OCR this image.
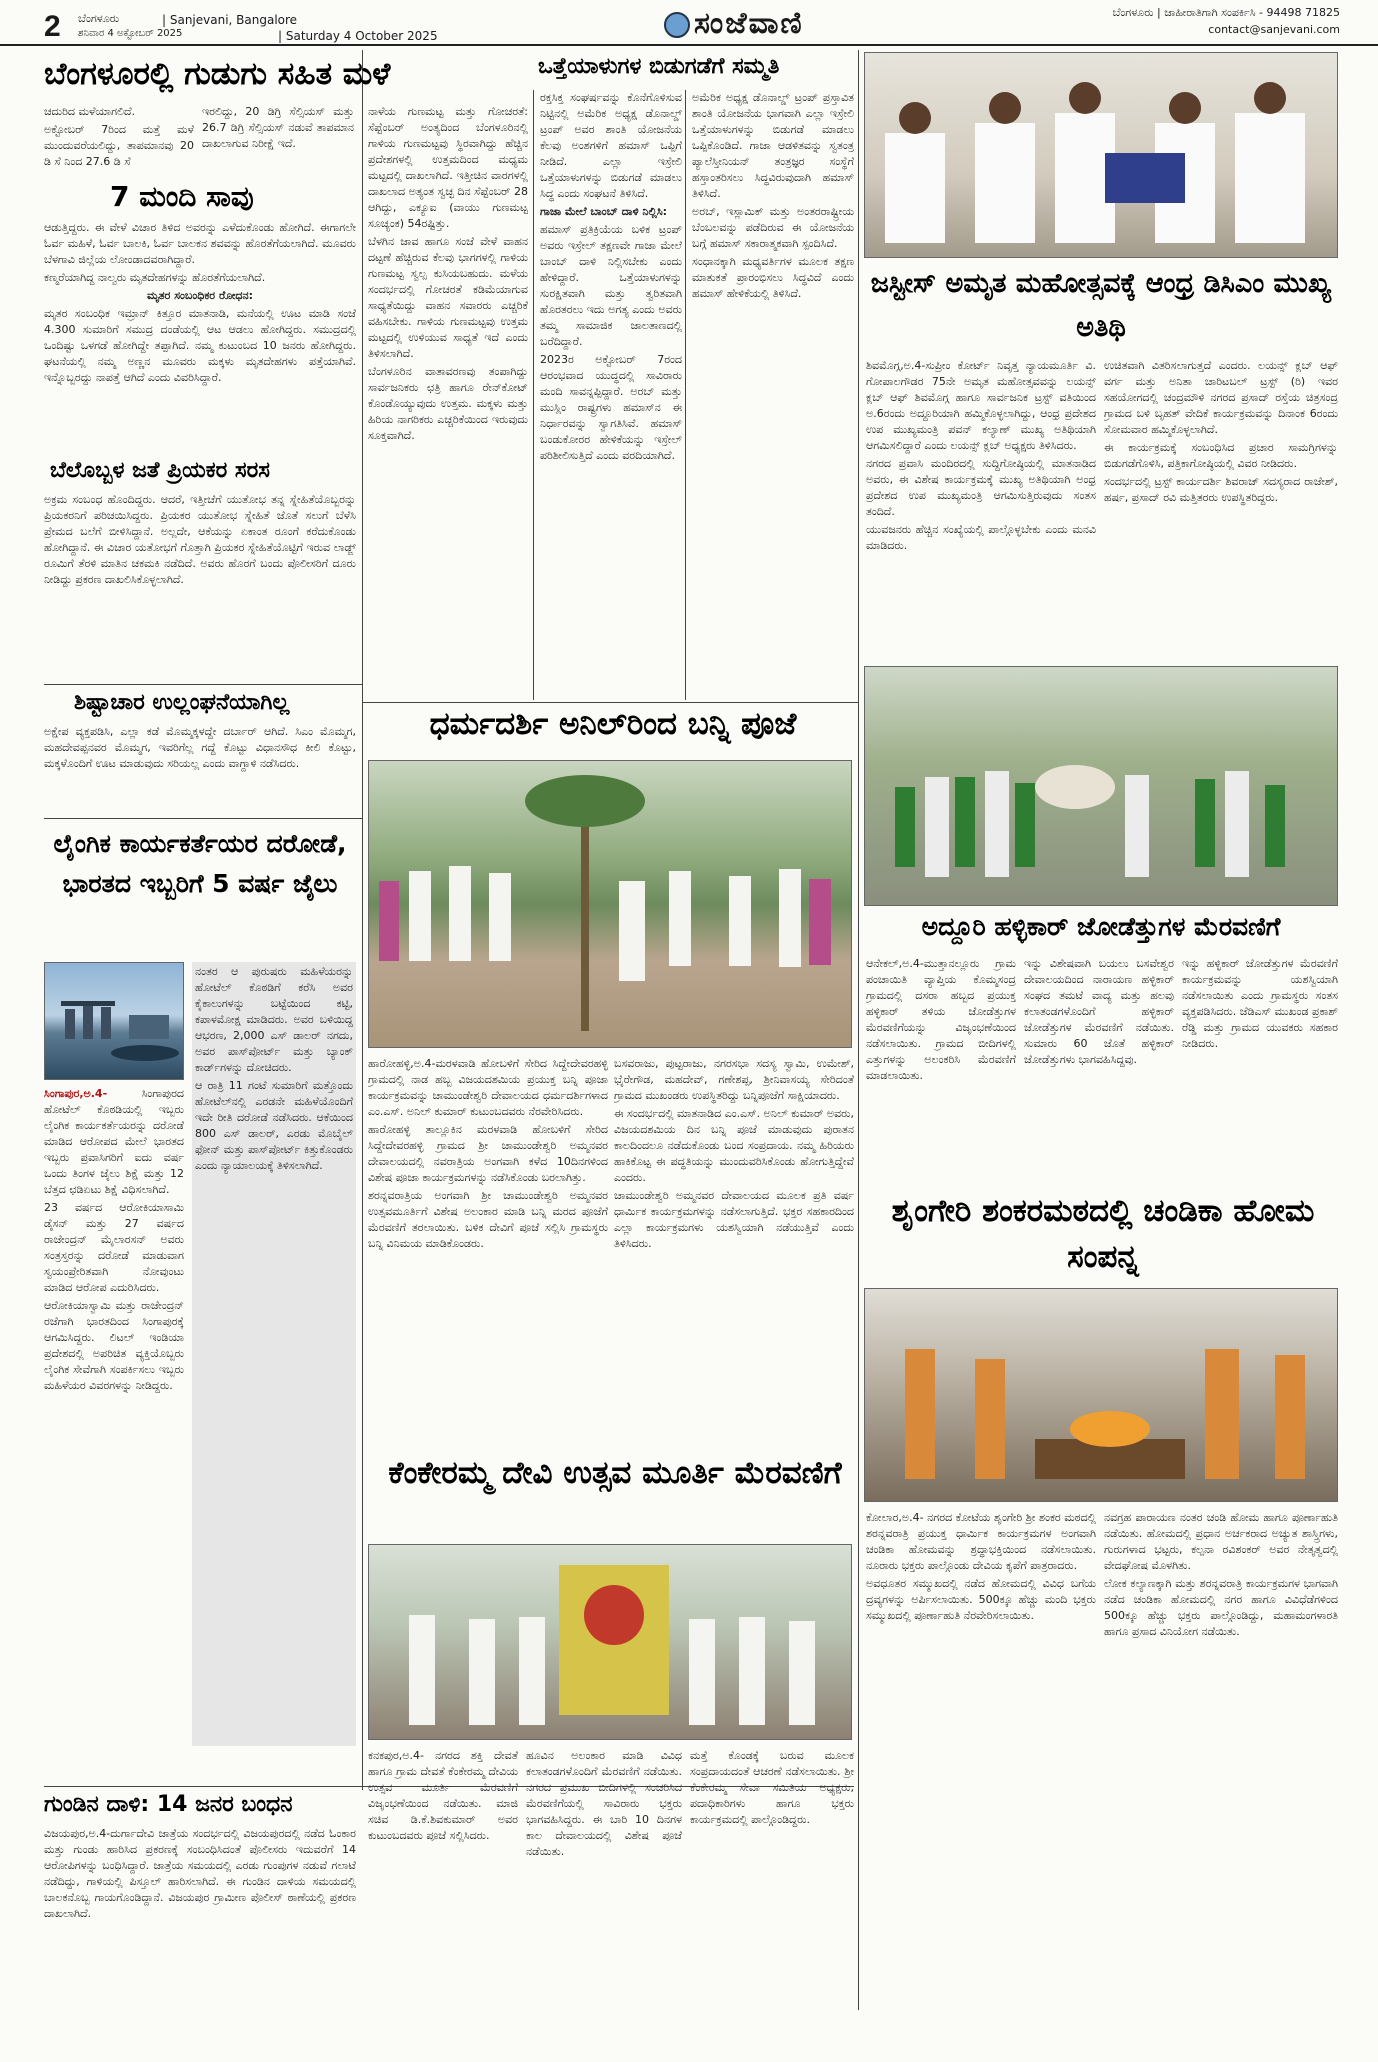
2 ಬೆಂಗಳೂರು
ಶನಿವಾರ 4 ಅಕ್ಟೋಬರ್ 2025
| Sanjevani, Bangalore
| Saturday 4 October 2025	ಸಂಜೆವಾಣಿ	ಬೆಂಗಳೂರು | ಜಾಹೀರಾತಿಗಾಗಿ ಸಂಪರ್ಕಿಸಿ - 94498 71825
contact@sanjevani.com
ಬೆಂಗಳೂರಲ್ಲಿ ಗುಡುಗು ಸಹಿತ ಮಳೆ

ಚದುರಿದ ಮಳೆಯಾಗಲಿದೆ.

ಅಕ್ಟೋಬರ್ 7ರಿಂದ ಮತ್ತೆ ಮಳೆ ಮುಂದುವರೆಯಲಿದ್ದು, ತಾಪಮಾನವು 20 ಡಿ ಸೆ ನಿಂದ 27.6 ಡಿ ಸೆ

ಇರಲಿದ್ದು, 20 ಡಿಗ್ರಿ ಸೆಲ್ಸಿಯಸ್ ಮತ್ತು 26.7 ಡಿಗ್ರಿ ಸೆಲ್ಸಿಯಸ್ ನಡುವೆ ತಾಪಮಾನ ದಾಖಲಾಗುವ ನಿರೀಕ್ಷೆ ಇದೆ.

7 ಮಂದಿ ಸಾವು

ಆಡುತ್ತಿದ್ದರು. ಈ ವೇಳೆ ವಿಚಾರ ತಿಳಿದ ಅವರನ್ನು ಎಳೆದುಕೊಂಡು ಹೋಗಿದೆ. ಈಗಾಗಲೇ ಓರ್ವ ಮಹಿಳೆ, ಓರ್ವ ಬಾಲಕಿ, ಓರ್ವ ಬಾಲಕನ ಶವವನ್ನು ಹೊರತೆಗೆಯಲಾಗಿದೆ. ಮೂವರು ಬೆಳಗಾವಿ ಜಿಲ್ಲೆಯ ಲೋಂಡಾದವರಾಗಿದ್ದಾರೆ.

ಕಣ್ಮರೆಯಾಗಿದ್ದ ನಾಲ್ವರು ಮೃತದೇಹಗಳನ್ನು ಹೊರತೆಗೆಯಲಾಗಿದೆ.

ಮೃತರ ಸಂಬಂಧಿಕರ ರೋಧನ:

ಮೃತರ ಸಂಬಂಧಿಕ ಇಮ್ರಾನ್ ಕಿತ್ತೂರ ಮಾತನಾಡಿ, ಮನೆಯಲ್ಲಿ ಊಟ ಮಾಡಿ ಸಂಜೆ 4.300 ಸುಮಾರಿಗೆ ಸಮುದ್ರ ದಂಡೆಯಲ್ಲಿ ಆಟ ಆಡಲು ಹೋಗಿದ್ದರು. ಸಮುದ್ರದಲ್ಲಿ ಒಂದಿಷ್ಟು ಒಳಗಡೆ ಹೋಗಿದ್ದೇ ತಪ್ಪಾಗಿದೆ. ನಮ್ಮ ಕುಟುಂಬದ 10 ಜನರು ಹೋಗಿದ್ದರು. ಘಟನೆಯಲ್ಲಿ ನಮ್ಮ ಅಣ್ಣನ ಮೂವರು ಮಕ್ಕಳು ಮೃತದೇಹಗಳು ಪತ್ತೆಯಾಗಿವೆ. ಇನ್ನೊಬ್ಬರದ್ದು ನಾಪತ್ತೆ ಆಗಿದೆ ಎಂದು ವಿವರಿಸಿದ್ದಾರೆ.

ಬೆಲೊಬ್ಬಳ ಜತೆ ಪ್ರಿಯಕರ ಸರಸ

ಅಕ್ರಮ ಸಂಬಂಧ ಹೊಂದಿದ್ದರು. ಆದರೆ, ಇತ್ತೀಚೆಗೆ ಯುತೋಭ ತನ್ನ ಸ್ನೇಹಿತೆಯೊಬ್ಬರನ್ನು ಪ್ರಿಯಕರನಿಗೆ ಪರಿಚಯಿಸಿದ್ದರು. ಪ್ರಿಯಕರ ಯುತೋಭ ಸ್ನೇಹಿತೆ ಜೊತೆ ಸಲುಗೆ ಬೆಳೆಸಿ ಪ್ರೇಮದ ಬಲೆಗೆ ಬೀಳಿಸಿದ್ದಾನೆ. ಅಲ್ಲದೇ, ಆಕೆಯನ್ನು ಏಕಾಂತ ರೂಂಗೆ ಕರೆದುಕೊಂಡು ಹೋಗಿದ್ದಾನೆ. ಈ ವಿಚಾರ ಯತೋಭಗೆ ಗೊತ್ತಾಗಿ ಪ್ರಿಯಕರ ಸ್ನೇಹಿತೆಯೊಟ್ಟಿಗೆ ಇರುವ ಲಾಡ್ಜ್ ರೂಮಿಗೆ ತೆರಳಿ ಮಾತಿನ ಚಕಮಕಿ ನಡೆದಿದೆ. ಅವರು ಹೊರಗೆ ಬಂದು ಪೊಲೀಸರಿಗೆ ದೂರು ನೀಡಿದ್ದು ಪ್ರಕರಣ ದಾಖಲಿಸಿಕೊಳ್ಳಲಾಗಿದೆ.

ಶಿಷ್ಟಾಚಾರ ಉಲ್ಲಂಘನೆಯಾಗಿಲ್ಲ

ಅಕ್ಷೇಪ ವ್ಯಕ್ತಪಡಿಸಿ, ಎಲ್ಲಾ ಕಡೆ ಮೊಮ್ಮಕ್ಕಳದ್ದೇ ದರ್ಬಾರ್ ಆಗಿದೆ. ಸಿಎಂ ಮೊಮ್ಮಗ, ಮಹದೇವಪ್ಪನವರ ಮೊಮ್ಮಗ, ಇವರಿಗೆಲ್ಲ ಗದ್ದೆ ಕೊಟ್ಟು ವಿಧಾನಸೌಧ ಕೀಲಿ ಕೊಟ್ಟು, ಮಕ್ಕಳೊಂದಿಗೆ ಊಟ ಮಾಡುವುದು ಸರಿಯಲ್ಲ ಎಂದು ವಾಗ್ದಾಳಿ ನಡೆಸಿದರು.

ಲೈಂಗಿಕ ಕಾರ್ಯಕರ್ತೆಯರ ದರೋಡೆ, ಭಾರತದ ಇಬ್ಬರಿಗೆ 5 ವರ್ಷ ಜೈಲು

ಸಿಂಗಾಪುರ,ಅ.4-	ಸಿಂಗಾಪುರದ ಹೋಟೆಲ್ ಕೊಠಡಿಯಲ್ಲಿ ಇಬ್ಬರು ಲೈಂಗಿಕ ಕಾರ್ಯಕರ್ತೆಯರನ್ನು ದರೋಡೆ ಮಾಡಿದ ಆರೋಪದ ಮೇಲೆ ಭಾರತದ ಇಬ್ಬರು ಪ್ರವಾಸಿಗರಿಗೆ ಐದು ವರ್ಷ ಒಂದು ತಿಂಗಳ ಜೈಲು ಶಿಕ್ಷೆ ಮತ್ತು 12 ಬೆತ್ತದ ಛಡಿಏಟು ಶಿಕ್ಷೆ ವಿಧಿಸಲಾಗಿದೆ.

23 ವರ್ಷದ ಆರೋಕಿಯಾಸಾಮಿ ಡೈಸನ್ ಮತ್ತು 27 ವರ್ಷದ ರಾಜೇಂದ್ರನ್ ಮೈಲಾರಸನ್ ಅವರು ಸಂತ್ರಸ್ತರನ್ನು ದರೋಡೆ ಮಾಡುವಾಗ ಸ್ವಯಂಪ್ರೇರಿತವಾಗಿ ನೋವುಂಟು ಮಾಡಿದ ಆರೋಪ ಎದುರಿಸಿದರು.

ಆರೋಕಿಯಾಸ್ವಾಮಿ ಮತ್ತು ರಾಜೇಂದ್ರನ್ ರಜೆಗಾಗಿ ಭಾರತದಿಂದ ಸಿಂಗಾಪುರಕ್ಕೆ ಆಗಮಿಸಿದ್ದರು. ಲಿಟಲ್ ಇಂಡಿಯಾ ಪ್ರದೇಶದಲ್ಲಿ ಅಪರಿಚಿತ ವ್ಯಕ್ತಿಯೊಬ್ಬರು ಲೈಂಗಿಕ ಸೇವೆಗಾಗಿ ಸಂಪರ್ಕಿಸಲು ಇಬ್ಬರು ಮಹಿಳೆಯರ ವಿವರಗಳನ್ನು ನೀಡಿದ್ದರು.

ನಂತರ ಆ ಪುರುಷರು ಮಹಿಳೆಯರನ್ನು ಹೋಟೆಲ್ ಕೊಠಡಿಗೆ ಕರೆಸಿ ಅವರ ಕೈಕಾಲುಗಳನ್ನು ಬಟ್ಟೆಯಿಂದ ಕಟ್ಟಿ, ಕಪಾಳಮೋಕ್ಷ ಮಾಡಿದರು. ಅವರ ಬಳಿಯಿದ್ದ ಆಭರಣ, 2,000 ಎಸ್ ಡಾಲರ್ ನಗದು, ಅವರ ಪಾಸ್‌ಪೋರ್ಟ್ ಮತ್ತು ಬ್ಯಾಂಕ್ ಕಾರ್ಡ್‌ಗಳನ್ನು ದೋಚಿದರು.

ಆ ರಾತ್ರಿ 11 ಗಂಟೆ ಸುಮಾರಿಗೆ ಮತ್ತೊಂದು ಹೋಟೆಲ್‌ನಲ್ಲಿ ಎರಡನೇ ಮಹಿಳೆಯೊಂದಿಗೆ ಇದೇ ರೀತಿ ದರೋಡೆ ನಡೆಸಿದರು. ಆಕೆಯಿಂದ 800 ಎಸ್ ಡಾಲರ್, ಎರಡು ಮೊಬೈಲ್ ಫೋನ್ ಮತ್ತು ಪಾಸ್‌ಪೋರ್ಟ್ ಕಿತ್ತುಕೊಂಡರು ಎಂದು ನ್ಯಾಯಾಲಯಕ್ಕೆ ತಿಳಿಸಲಾಗಿದೆ.

ಗುಂಡಿನ ದಾಳಿ: 14 ಜನರ ಬಂಧನ

ವಿಜಯಪುರ,ಅ.4-ದುರ್ಗಾದೇವಿ ಜಾತ್ರೆಯ ಸಂದರ್ಭದಲ್ಲಿ ವಿಜಯಪುರದಲ್ಲಿ ನಡೆದ ಓಂಕಾರ ಮತ್ತು ಗುಂಡು ಹಾರಿಸಿದ ಪ್ರಕರಣಕ್ಕೆ ಸಂಬಂಧಿಸಿದಂತೆ ಪೊಲೀಸರು ಇದುವರೆಗೆ 14 ಆರೋಪಿಗಳನ್ನು ಬಂಧಿಸಿದ್ದಾರೆ. ಜಾತ್ರೆಯ ಸಮಯದಲ್ಲಿ ಎರಡು ಗುಂಪುಗಳ ನಡುವೆ ಗಲಾಟೆ ನಡೆದಿದ್ದು, ಗಾಳಿಯಲ್ಲಿ ಪಿಸ್ತೂಲ್ ಹಾರಿಸಲಾಗಿದೆ. ಈ ಗುಂಡಿನ ದಾಳಿಯ ಸಮಯದಲ್ಲಿ ಬಾಲಕನೊಬ್ಬ ಗಾಯಗೊಂಡಿದ್ದಾನೆ. ವಿಜಯಪುರ ಗ್ರಾಮೀಣ ಪೊಲೀಸ್ ಠಾಣೆಯಲ್ಲಿ ಪ್ರಕರಣ ದಾಖಲಾಗಿದೆ.

ನಾಳೆಯ ಗುಣಮಟ್ಟ ಮತ್ತು ಗೋಚರತೆ: ಸೆಪ್ಟೆಂಬರ್ ಅಂತ್ಯದಿಂದ ಬೆಂಗಳೂರಿನಲ್ಲಿ ಗಾಳಿಯ ಗುಣಮಟ್ಟವು ಸ್ಥಿರವಾಗಿದ್ದು ಹೆಚ್ಚಿನ ಪ್ರದೇಶಗಳಲ್ಲಿ ಉತ್ತಮದಿಂದ ಮಧ್ಯಮ ಮಟ್ಟದಲ್ಲಿ ದಾಖಲಾಗಿದೆ. ಇತ್ತೀಚಿನ ವಾರಗಳಲ್ಲಿ ದಾಖಲಾದ ಅತ್ಯಂತ ಸ್ವಚ್ಛ ದಿನ ಸೆಪ್ಟೆಂಬರ್ 28 ಆಗಿದ್ದು, ಎಕ್ಯೂಐ (ವಾಯು ಗುಣಮಟ್ಟ ಸೂಚ್ಯಂಕ) 54ರಷ್ಟಿತ್ತು.

ಬೆಳಗಿನ ಜಾವ ಹಾಗೂ ಸಂಜೆ ವೇಳೆ ವಾಹನ ದಟ್ಟಣೆ ಹೆಚ್ಚಿರುವ ಕೆಲವು ಭಾಗಗಳಲ್ಲಿ ಗಾಳಿಯ ಗುಣಮಟ್ಟ ಸ್ವಲ್ಪ ಕುಸಿಯಬಹುದು. ಮಳೆಯ ಸಂದರ್ಭದಲ್ಲಿ ಗೋಚರತೆ ಕಡಿಮೆಯಾಗುವ ಸಾಧ್ಯತೆಯಿದ್ದು ವಾಹನ ಸವಾರರು ಎಚ್ಚರಿಕೆ ವಹಿಸಬೇಕು. ಗಾಳಿಯ ಗುಣಮಟ್ಟವು ಉತ್ತಮ ಮಟ್ಟದಲ್ಲಿ ಉಳಿಯುವ ಸಾಧ್ಯತೆ ಇದೆ ಎಂದು ತಿಳಿಸಲಾಗಿದೆ.

ಬೆಂಗಳೂರಿನ ವಾತಾವರಣವು ತಂಪಾಗಿದ್ದು ಸಾರ್ವಜನಿಕರು ಛತ್ರಿ ಹಾಗೂ ರೇನ್‌ಕೋಟ್ ಕೊಂಡೊಯ್ಯುವುದು ಉತ್ತಮ. ಮಕ್ಕಳು ಮತ್ತು ಹಿರಿಯ ನಾಗರಿಕರು ಎಚ್ಚರಿಕೆಯಿಂದ ಇರುವುದು ಸೂಕ್ತವಾಗಿದೆ.

ಒತ್ತೆಯಾಳುಗಳ ಬಿಡುಗಡೆಗೆ ಸಮ್ಮತಿ

ರಕ್ತಸಿಕ್ತ ಸಂಘರ್ಷವನ್ನು ಕೊನೆಗೊಳಿಸುವ ನಿಟ್ಟಿನಲ್ಲಿ ಅಮೆರಿಕ ಅಧ್ಯಕ್ಷ ಡೊನಾಲ್ಡ್ ಟ್ರಂಪ್ ಅವರ ಶಾಂತಿ ಯೋಜನೆಯ ಕೆಲವು ಅಂಶಗಳಿಗೆ ಹಮಾಸ್ ಒಪ್ಪಿಗೆ ನೀಡಿದೆ. ಎಲ್ಲಾ ಇಸ್ರೇಲಿ ಒತ್ತೆಯಾಳುಗಳನ್ನು ಬಿಡುಗಡೆ ಮಾಡಲು ಸಿದ್ಧ ಎಂದು ಸಂಘಟನೆ ತಿಳಿಸಿದೆ.

ಗಾಜಾ ಮೇಲೆ ಬಾಂಬ್ ದಾಳಿ ನಿಲ್ಲಿಸಿ:

ಹಮಾಸ್ ಪ್ರತಿಕ್ರಿಯೆಯ ಬಳಿಕ ಟ್ರಂಪ್ ಅವರು ಇಸ್ರೇಲ್ ತಕ್ಷಣವೇ ಗಾಜಾ ಮೇಲೆ ಬಾಂಬ್ ದಾಳಿ ನಿಲ್ಲಿಸಬೇಕು ಎಂದು ಹೇಳಿದ್ದಾರೆ. ಒತ್ತೆಯಾಳುಗಳನ್ನು ಸುರಕ್ಷಿತವಾಗಿ ಮತ್ತು ತ್ವರಿತವಾಗಿ ಹೊರತರಲು ಇದು ಅಗತ್ಯ ಎಂದು ಅವರು ತಮ್ಮ ಸಾಮಾಜಿಕ ಜಾಲತಾಣದಲ್ಲಿ ಬರೆದಿದ್ದಾರೆ.

2023ರ ಅಕ್ಟೋಬರ್ 7ರಂದ ಆರಂಭವಾದ ಯುದ್ಧದಲ್ಲಿ ಸಾವಿರಾರು ಮಂದಿ ಸಾವನ್ನಪ್ಪಿದ್ದಾರೆ. ಅರಬ್ ಮತ್ತು ಮುಸ್ಲಿಂ ರಾಷ್ಟ್ರಗಳು ಹಮಾಸ್‌ನ ಈ ನಿರ್ಧಾರವನ್ನು ಸ್ವಾಗತಿಸಿವೆ. ಹಮಾಸ್ ಬಂಡುಕೋರರ ಹೇಳಿಕೆಯನ್ನು ಇಸ್ರೇಲ್ ಪರಿಶೀಲಿಸುತ್ತಿದೆ ಎಂದು ವರದಿಯಾಗಿದೆ.

ಅಮೆರಿಕ ಅಧ್ಯಕ್ಷ ಡೊನಾಲ್ಡ್ ಟ್ರಂಪ್ ಪ್ರಸ್ತಾವಿತ ಶಾಂತಿ ಯೋಜನೆಯ ಭಾಗವಾಗಿ ಎಲ್ಲಾ ಇಸ್ರೇಲಿ ಒತ್ತೆಯಾಳುಗಳನ್ನು ಬಿಡುಗಡೆ ಮಾಡಲು ಒಪ್ಪಿಕೊಂಡಿದೆ. ಗಾಜಾ ಆಡಳಿತವನ್ನು ಸ್ವತಂತ್ರ ಪ್ಯಾಲೆಸ್ತೀನಿಯನ್ ತಂತ್ರಜ್ಞರ ಸಂಸ್ಥೆಗೆ ಹಸ್ತಾಂತರಿಸಲು ಸಿದ್ಧವಿರುವುದಾಗಿ ಹಮಾಸ್ ತಿಳಿಸಿದೆ.

ಅರಬ್, ಇಸ್ಲಾಮಿಕ್ ಮತ್ತು ಅಂತರರಾಷ್ಟ್ರೀಯ ಬೆಂಬಲವನ್ನು ಪಡೆದಿರುವ ಈ ಯೋಜನೆಯ ಬಗ್ಗೆ ಹಮಾಸ್ ಸಕಾರಾತ್ಮಕವಾಗಿ ಸ್ಪಂದಿಸಿದೆ.

ಸಂಧಾನಕ್ಕಾಗಿ ಮಧ್ಯವರ್ತಿಗಳ ಮೂಲಕ ತಕ್ಷಣ ಮಾತುಕತೆ ಪ್ರಾರಂಭಿಸಲು ಸಿದ್ಧವಿದೆ ಎಂದು ಹಮಾಸ್ ಹೇಳಿಕೆಯಲ್ಲಿ ತಿಳಿಸಿದೆ.

ಧರ್ಮದರ್ಶಿ ಅನಿಲ್‌ರಿಂದ ಬನ್ನಿ ಪೂಜೆ

ಹಾರೋಹಳ್ಳಿ,ಅ.4-ಮರಳವಾಡಿ ಹೋಬಳಿಗೆ ಸೇರಿದ ಸಿದ್ದೇದೇವರಹಳ್ಳಿ ಗ್ರಾಮದಲ್ಲಿ ನಾಡ ಹಬ್ಬ ವಿಜಯದಶಮಿಯ ಪ್ರಯುಕ್ತ ಬನ್ನಿ ಪೂಜಾ ಕಾರ್ಯಕ್ರಮವನ್ನು ಚಾಮುಂಡೇಶ್ವರಿ ದೇವಾಲಯದ ಧರ್ಮದರ್ಶಿಗಳಾದ ಎಂ.ಎಸ್. ಅನಿಲ್ ಕುಮಾರ್ ಕುಟುಂಬದವರು ನೆರವೇರಿಸಿದರು.

ಹಾರೋಹಳ್ಳಿ ತಾಲ್ಲೂಕಿನ ಮರಳವಾಡಿ ಹೋಬಳಿಗೆ ಸೇರಿದ ಸಿದ್ದೇದೇವರಹಳ್ಳಿ ಗ್ರಾಮದ ಶ್ರೀ ಚಾಮುಂಡೇಶ್ವರಿ ಅಮ್ಮನವರ ದೇವಾಲಯದಲ್ಲಿ ನವರಾತ್ರಿಯ ಅಂಗವಾಗಿ ಕಳೆದ 10ದಿನಗಳಿಂದ ವಿಶೇಷ ಪೂಜಾ ಕಾರ್ಯಕ್ರಮಗಳನ್ನು ನಡೆಸಿಕೊಂಡು ಬರಲಾಗಿತ್ತು.

ಶರನ್ನವರಾತ್ರಿಯ ಅಂಗವಾಗಿ ಶ್ರೀ ಚಾಮುಂಡೇಶ್ವರಿ ಅಮ್ಮನವರ ಉತ್ಸವಮೂರ್ತಿಗೆ ವಿಶೇಷ ಅಲಂಕಾರ ಮಾಡಿ ಬನ್ನಿ ಮರದ ಪೂಜೆಗೆ ಮೆರವಣಿಗೆ ತರಲಾಯಿತು. ಬಳಿಕ ದೇವಿಗೆ ಪೂಜೆ ಸಲ್ಲಿಸಿ ಗ್ರಾಮಸ್ಥರು ಬನ್ನಿ ವಿನಿಮಯ ಮಾಡಿಕೊಂಡರು.

ಬಸವರಾಜು, ಪುಟ್ಟರಾಜು, ನಗರಸಭಾ ಸದಸ್ಯ ಸ್ವಾಮಿ, ಉಮೇಶ್, ಭೈರೇಗೌಡ, ಮಹದೇವ್, ಗಣೇಶಪ್ಪ, ಶ್ರೀನಿವಾಸಯ್ಯ ಸೇರಿದಂತೆ ಗ್ರಾಮದ ಮುಖಂಡರು ಉಪಸ್ಥಿತರಿದ್ದು ಬನ್ನಿಪೂಜೆಗೆ ಸಾಕ್ಷಿಯಾದರು.

ಈ ಸಂದರ್ಭದಲ್ಲಿ ಮಾತನಾಡಿದ ಎಂ.ಎಸ್. ಅನಿಲ್ ಕುಮಾರ್ ಅವರು, ವಿಜಯದಶಮಿಯ ದಿನ ಬನ್ನಿ ಪೂಜೆ ಮಾಡುವುದು ಪುರಾತನ ಕಾಲದಿಂದಲೂ ನಡೆದುಕೊಂಡು ಬಂದ ಸಂಪ್ರದಾಯ. ನಮ್ಮ ಹಿರಿಯರು ಹಾಕಿಕೊಟ್ಟ ಈ ಪದ್ಧತಿಯನ್ನು ಮುಂದುವರಿಸಿಕೊಂಡು ಹೋಗುತ್ತಿದ್ದೇವೆ ಎಂದರು.

ಚಾಮುಂಡೇಶ್ವರಿ ಅಮ್ಮನವರ ದೇವಾಲಯದ ಮೂಲಕ ಪ್ರತಿ ವರ್ಷ ಧಾರ್ಮಿಕ ಕಾರ್ಯಕ್ರಮಗಳನ್ನು ನಡೆಸಲಾಗುತ್ತಿದೆ. ಭಕ್ತರ ಸಹಕಾರದಿಂದ ಎಲ್ಲಾ ಕಾರ್ಯಕ್ರಮಗಳು ಯಶಸ್ವಿಯಾಗಿ ನಡೆಯುತ್ತಿವೆ ಎಂದು ತಿಳಿಸಿದರು.

ಕೆಂಕೇರಮ್ಮ ದೇವಿ ಉತ್ಸವ ಮೂರ್ತಿ ಮೆರವಣಿಗೆ

ಕನಕಪುರ,ಅ.4- ನಗರದ ಶಕ್ತಿ ದೇವತೆ ಹಾಗೂ ಗ್ರಾಮ ದೇವತೆ ಕೆಂಕೇರಮ್ಮ ದೇವಿಯ ಉತ್ಸವ ಮೂರ್ತಿ ಮೆರವಣಿಗೆ ವಿಜೃಂಭಣೆಯಿಂದ ನಡೆಯಿತು. ಮಾಜಿ ಸಚಿವ ಡಿ.ಕೆ.ಶಿವಕುಮಾರ್ ಅವರ ಕುಟುಂಬದವರು ಪೂಜೆ ಸಲ್ಲಿಸಿದರು.

ಹೂವಿನ ಅಲಂಕಾರ ಮಾಡಿ ವಿವಿಧ ಕಲಾತಂಡಗಳೊಂದಿಗೆ ಮೆರವಣಿಗೆ ನಡೆಯಿತು. ನಗರದ ಪ್ರಮುಖ ಬೀದಿಗಳಲ್ಲಿ ಸಂಚರಿಸಿದ ಮೆರವಣಿಗೆಯಲ್ಲಿ ಸಾವಿರಾರು ಭಕ್ತರು ಭಾಗವಹಿಸಿದ್ದರು. ಈ ಬಾರಿ 10 ದಿನಗಳ ಕಾಲ ದೇವಾಲಯದಲ್ಲಿ ವಿಶೇಷ ಪೂಜೆ ನಡೆಯಿತು.

ಮತ್ತೆ ಕೊಂಡಕ್ಕೆ ಬರುವ ಮೂಲಕ ಸಂಪ್ರದಾಯದಂತೆ ಆಚರಣೆ ನಡೆಸಲಾಯಿತು. ಶ್ರೀ ಕೆಂಕೇರಮ್ಮ ಸೇವಾ ಸಮಿತಿಯ ಅಧ್ಯಕ್ಷರು, ಪದಾಧಿಕಾರಿಗಳು ಹಾಗೂ ಭಕ್ತರು ಕಾರ್ಯಕ್ರಮದಲ್ಲಿ ಪಾಲ್ಗೊಂಡಿದ್ದರು.

ಜಸ್ಟೀಸ್ ಅಮೃತ ಮಹೋತ್ಸವಕ್ಕೆ ಆಂಧ್ರ ಡಿಸಿಎಂ ಮುಖ್ಯ ಅತಿಥಿ

ಶಿವಮೊಗ್ಗ,ಅ.4-ಸುಪ್ರೀಂ ಕೋರ್ಟ್ ನಿವೃತ್ತ ನ್ಯಾಯಮೂರ್ತಿ ವಿ. ಗೋಪಾಲಗೌಡರ 75ನೇ ಅಮೃತ ಮಹೋತ್ಸವವನ್ನು ಲಯನ್ಸ್ ಕ್ಲಬ್ ಆಫ್ ಶಿವಮೊಗ್ಗ ಹಾಗೂ ಸಾರ್ವಜನಿಕ ಟ್ರಸ್ಟ್ ವತಿಯಿಂದ ಅ.6ರಂದು ಅದ್ದೂರಿಯಾಗಿ ಹಮ್ಮಿಕೊಳ್ಳಲಾಗಿದ್ದು, ಆಂಧ್ರ ಪ್ರದೇಶದ ಉಪ ಮುಖ್ಯಮಂತ್ರಿ ಪವನ್ ಕಲ್ಯಾಣ್ ಮುಖ್ಯ ಅತಿಥಿಯಾಗಿ ಆಗಮಿಸಲಿದ್ದಾರೆ ಎಂದು ಲಯನ್ಸ್ ಕ್ಲಬ್ ಅಧ್ಯಕ್ಷರು ತಿಳಿಸಿದರು.

ನಗರದ ಪ್ರವಾಸಿ ಮಂದಿರದಲ್ಲಿ ಸುದ್ದಿಗೋಷ್ಠಿಯಲ್ಲಿ ಮಾತನಾಡಿದ ಅವರು, ಈ ವಿಶೇಷ ಕಾರ್ಯಕ್ರಮಕ್ಕೆ ಮುಖ್ಯ ಅತಿಥಿಯಾಗಿ ಅಂಧ್ರ ಪ್ರದೇಶದ ಉಪ ಮುಖ್ಯಮಂತ್ರಿ ಆಗಮಿಸುತ್ತಿರುವುದು ಸಂತಸ ತಂದಿದೆ.

ಯುವಜನರು ಹೆಚ್ಚಿನ ಸಂಖ್ಯೆಯಲ್ಲಿ ಪಾಲ್ಗೊಳ್ಳಬೇಕು ಎಂದು ಮನವಿ ಮಾಡಿದರು.

ಉಚಿತವಾಗಿ ವಿತರಿಸಲಾಗುತ್ತದೆ ಎಂದರು. ಲಯನ್ಸ್ ಕ್ಲಬ್ ಆಫ್ ವರ್ಗ ಮತ್ತು ಅನಿತಾ ಚಾರಿಟಬಲ್ ಟ್ರಸ್ಟ್ (ರಿ) ಇವರ ಸಹಯೋಗದಲ್ಲಿ ಚಂದ್ರಮೌಳಿ ನಗರದ ಪ್ರಸಾದ್ ರಸ್ತೆಯ ಚಿತ್ರಸಂದ್ರ ಗ್ರಾಮದ ಬಳಿ ಬೃಹತ್ ವೇದಿಕೆ ಕಾರ್ಯಕ್ರಮವನ್ನು ದಿನಾಂಕ 6ರಂದು ಸೋಮವಾರ ಹಮ್ಮಿಕೊಳ್ಳಲಾಗಿದೆ.

ಈ ಕಾರ್ಯಕ್ರಮಕ್ಕೆ ಸಂಬಂಧಿಸಿದ ಪ್ರಚಾರ ಸಾಮಗ್ರಿಗಳನ್ನು ಬಿಡುಗಡೆಗೊಳಿಸಿ, ಪತ್ರಿಕಾಗೋಷ್ಠಿಯಲ್ಲಿ ವಿವರ ನೀಡಿದರು.

ಸಂದರ್ಭದಲ್ಲಿ ಟ್ರಸ್ಟ್ ಕಾರ್ಯದರ್ಶಿ ಶಿವರಾಜ್ ಸದಸ್ಯರಾದ ರಾಜೇಶ್, ಹರ್ಷ, ಪ್ರಸಾದ್ ರವಿ ಮತ್ತಿತರರು ಉಪಸ್ಥಿತರಿದ್ದರು.

ಅದ್ದೂರಿ ಹಳ್ಳಿಕಾರ್ ಜೋಡೆತ್ತುಗಳ ಮೆರವಣಿಗೆ

ಆನೇಕಲ್,ಅ.4-ಮುತ್ತಾನಲ್ಲೂರು ಗ್ರಾಮ ಪಂಚಾಯಿತಿ ವ್ಯಾಪ್ತಿಯ ಕೊಮ್ಮಸಂದ್ರ ಗ್ರಾಮದಲ್ಲಿ ದಸರಾ ಹಬ್ಬದ ಪ್ರಯುಕ್ತ ಹಳ್ಳಿಕಾರ್ ತಳಿಯ ಜೋಡೆತ್ತುಗಳ ಮೆರವಣಿಗೆಯನ್ನು ವಿಜೃಂಭಣೆಯಿಂದ ನಡೆಸಲಾಯಿತು. ಗ್ರಾಮದ ಬೀದಿಗಳಲ್ಲಿ ಎತ್ತುಗಳನ್ನು ಅಲಂಕರಿಸಿ ಮೆರವಣಿಗೆ ಮಾಡಲಾಯಿತು.

ಇನ್ನು ವಿಶೇಷವಾಗಿ ಬಯಲು ಬಸವೇಶ್ವರ ದೇವಾಲಯದಿಂದ ನಾರಾಯಣ ಹಳ್ಳಿಕಾರ್ ಸಂಘದ ತಮಟೆ ವಾದ್ಯ ಮತ್ತು ಹಲವು ಕಲಾತಂಡಗಳೊಂದಿಗೆ ಹಳ್ಳಿಕಾರ್ ಜೋಡೆತ್ತುಗಳ ಮೆರವಣಿಗೆ ನಡೆಯಿತು. ಸುಮಾರು 60 ಜೊತೆ ಹಳ್ಳಿಕಾರ್ ಜೋಡೆತ್ತುಗಳು ಭಾಗವಹಿಸಿದ್ದವು.

ಇನ್ನು ಹಳ್ಳಿಕಾರ್ ಜೋಡೆತ್ತುಗಳ ಮೆರವಣಿಗೆ ಕಾರ್ಯಕ್ರಮವನ್ನು ಯಶಸ್ವಿಯಾಗಿ ನಡೆಸಲಾಯಿತು ಎಂದು ಗ್ರಾಮಸ್ಥರು ಸಂತಸ ವ್ಯಕ್ತಪಡಿಸಿದರು. ಜೆಡಿಎಸ್ ಮುಖಂಡ ಪ್ರಕಾಶ್ ರೆಡ್ಡಿ ಮತ್ತು ಗ್ರಾಮದ ಯುವಕರು ಸಹಕಾರ ನೀಡಿದರು.

ಶೃಂಗೇರಿ ಶಂಕರಮಠದಲ್ಲಿ ಚಂಡಿಕಾ ಹೋಮ ಸಂಪನ್ನ

ಕೋಲಾರ,ಅ.4- ನಗರದ ಕೋಟೆಯ ಶೃಂಗೇರಿ ಶ್ರೀ ಶಂಕರ ಮಠದಲ್ಲಿ ಶರನ್ನವರಾತ್ರಿ ಪ್ರಯುಕ್ತ ಧಾರ್ಮಿಕ ಕಾರ್ಯಕ್ರಮಗಳ ಅಂಗವಾಗಿ ಚಂಡಿಕಾ ಹೋಮವನ್ನು ಶ್ರದ್ಧಾಭಕ್ತಿಯಿಂದ ನಡೆಸಲಾಯಿತು. ನೂರಾರು ಭಕ್ತರು ಪಾಲ್ಗೊಂಡು ದೇವಿಯ ಕೃಪೆಗೆ ಪಾತ್ರರಾದರು.

ಅವಧೂತರ ಸಮ್ಮುಖದಲ್ಲಿ ನಡೆದ ಹೋಮದಲ್ಲಿ ವಿವಿಧ ಬಗೆಯ ದ್ರವ್ಯಗಳನ್ನು ಅರ್ಪಿಸಲಾಯಿತು. 500ಕ್ಕೂ ಹೆಚ್ಚು ಮಂದಿ ಭಕ್ತರು ಸಮ್ಮುಖದಲ್ಲಿ ಪೂರ್ಣಾಹುತಿ ನೆರವೇರಿಸಲಾಯಿತು.

ನವಗ್ರಹ ಪಾರಾಯಣ ನಂತರ ಚಂಡಿ ಹೋಮ ಹಾಗೂ ಪೂರ್ಣಾಹುತಿ ನಡೆಯಿತು. ಹೋಮದಲ್ಲಿ ಪ್ರಧಾನ ಅರ್ಚಕರಾದ ಅಚ್ಯುತ ಶಾಸ್ತ್ರಿಗಳು, ಗುರುಗಳಾದ ಭಟ್ಟರು, ಕಲ್ಪನಾ ರವಿಶಂಕರ್ ಅವರ ನೇತೃತ್ವದಲ್ಲಿ ವೇದಘೋಷ ಮೊಳಗಿತು.

ಲೋಕ ಕಲ್ಯಾಣಕ್ಕಾಗಿ ಮತ್ತು ಶರನ್ನವರಾತ್ರಿ ಕಾರ್ಯಕ್ರಮಗಳ ಭಾಗವಾಗಿ ನಡೆದ ಚಂಡಿಕಾ ಹೋಮದಲ್ಲಿ ನಗರ ಹಾಗೂ ವಿವಿಧೆಡೆಗಳಿಂದ 500ಕ್ಕೂ ಹೆಚ್ಚು ಭಕ್ತರು ಪಾಲ್ಗೊಂಡಿದ್ದು, ಮಹಾಮಂಗಳಾರತಿ ಹಾಗೂ ಪ್ರಸಾದ ವಿನಿಯೋಗ ನಡೆಯಿತು.
